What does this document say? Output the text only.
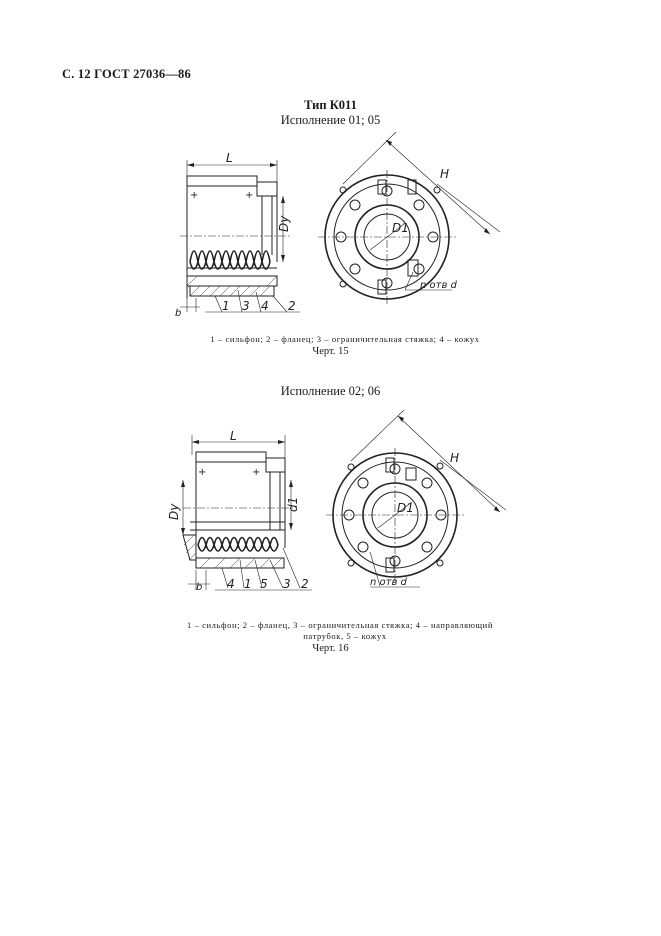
С. 12 ГОСТ 27036—86
Тип К011
Исполнение 01; 05
L
+
+
Dy
b
1 3 4 2
D1
H
n отв d
1 – сильфон; 2 – фланец; 3 – ограничительная стяжка; 4 – кожух
Черт. 15
Исполнение 02; 06
L
+	+
Dy	d1
b 4 1 5 3 2
D1
H
n отв d
1 – сильфон; 2 – фланец, 3 – ограничительная стяжка; 4 – направляющий
патрубок, 5 – кожух
Черт. 16
